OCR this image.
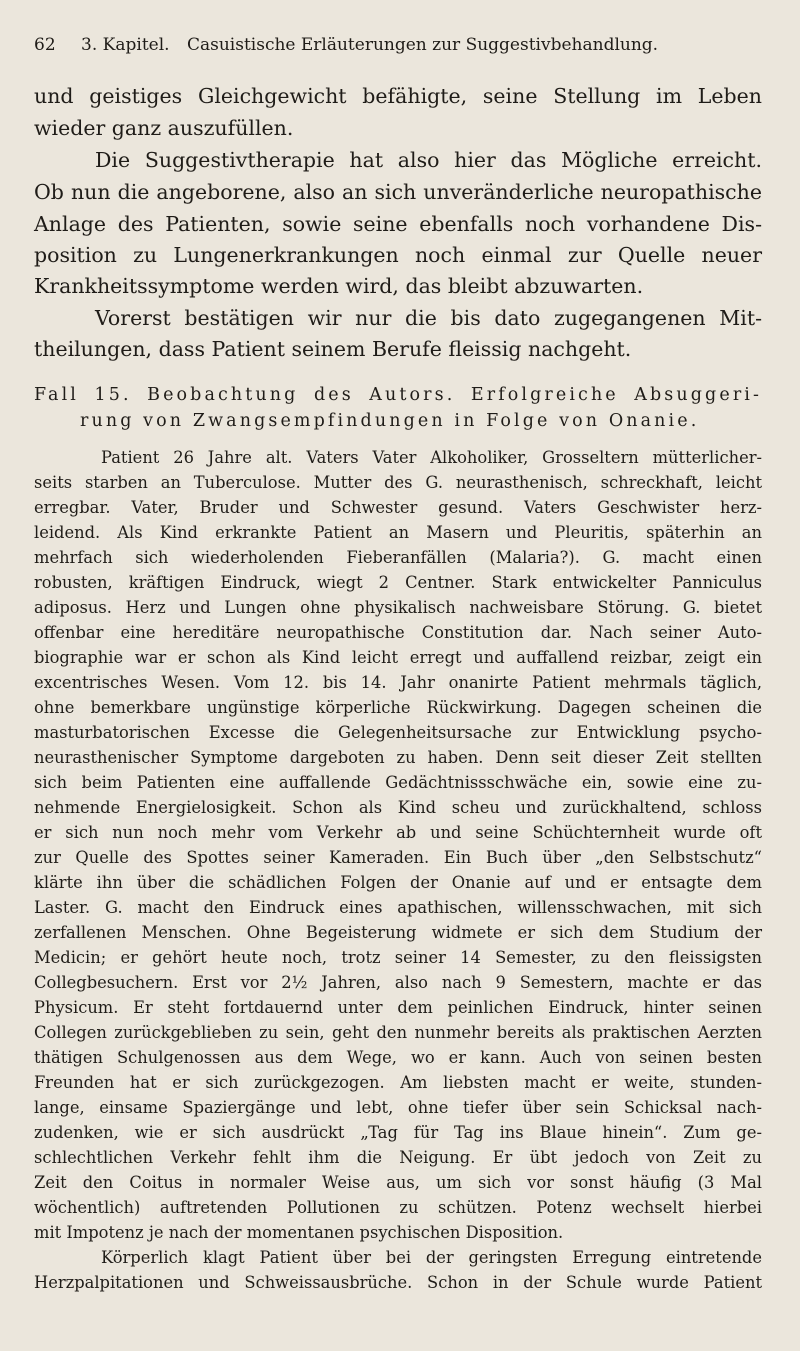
62 3. Kapitel. Casuistische Erläuterungen zur Suggestivbehandlung.
und geistiges Gleichgewicht befähigte, seine Stellung im Leben
wieder ganz auszufüllen.
Die Suggestivtherapie hat also hier das Mögliche erreicht.
Ob nun die angeborene, also an sich unveränderliche neuropathische
Anlage des Patienten, sowie seine ebenfalls noch vorhandene Dis-
position zu Lungenerkrankungen noch einmal zur Quelle neuer
Krankheitssymptome werden wird, das bleibt abzuwarten.
Vorerst bestätigen wir nur die bis dato zugegangenen Mit-
theilungen, dass Patient seinem Berufe fleissig nachgeht.
Fall 15. Beobachtung des Autors. Erfolgreiche Absuggeri-
rung von Zwangsempfindungen in Folge von Onanie.
Patient 26 Jahre alt. Vaters Vater Alkoholiker, Grosseltern mütterlicher-
seits starben an Tuberculose. Mutter des G. neurasthenisch, schreckhaft, leicht
erregbar. Vater, Bruder und Schwester gesund. Vaters Geschwister herz-
leidend. Als Kind erkrankte Patient an Masern und Pleuritis, späterhin an
mehrfach sich wiederholenden Fieberanfällen (Malaria?). G. macht einen
robusten, kräftigen Eindruck, wiegt 2 Centner. Stark entwickelter Panniculus
adiposus. Herz und Lungen ohne physikalisch nachweisbare Störung. G. bietet
offenbar eine hereditäre neuropathische Constitution dar. Nach seiner Auto-
biographie war er schon als Kind leicht erregt und auffallend reizbar, zeigt ein
excentrisches Wesen. Vom 12. bis 14. Jahr onanirte Patient mehrmals täglich,
ohne bemerkbare ungünstige körperliche Rückwirkung. Dagegen scheinen die
masturbatorischen Excesse die Gelegenheitsursache zur Entwicklung psycho-
neurasthenischer Symptome dargeboten zu haben. Denn seit dieser Zeit stellten
sich beim Patienten eine auffallende Gedächtnissschwäche ein, sowie eine zu-
nehmende Energielosigkeit. Schon als Kind scheu und zurückhaltend, schloss
er sich nun noch mehr vom Verkehr ab und seine Schüchternheit wurde oft
zur Quelle des Spottes seiner Kameraden. Ein Buch über „den Selbstschutz“
klärte ihn über die schädlichen Folgen der Onanie auf und er entsagte dem
Laster. G. macht den Eindruck eines apathischen, willensschwachen, mit sich
zerfallenen Menschen. Ohne Begeisterung widmete er sich dem Studium der
Medicin; er gehört heute noch, trotz seiner 14 Semester, zu den fleissigsten
Collegbesuchern. Erst vor 2½ Jahren, also nach 9 Semestern, machte er das
Physicum. Er steht fortdauernd unter dem peinlichen Eindruck, hinter seinen
Collegen zurückgeblieben zu sein, geht den nunmehr bereits als praktischen Aerzten
thätigen Schulgenossen aus dem Wege, wo er kann. Auch von seinen besten
Freunden hat er sich zurückgezogen. Am liebsten macht er weite, stunden-
lange, einsame Spaziergänge und lebt, ohne tiefer über sein Schicksal nach-
zudenken, wie er sich ausdrückt „Tag für Tag ins Blaue hinein“. Zum ge-
schlechtlichen Verkehr fehlt ihm die Neigung. Er übt jedoch von Zeit zu
Zeit den Coitus in normaler Weise aus, um sich vor sonst häufig (3 Mal
wöchentlich) auftretenden Pollutionen zu schützen. Potenz wechselt hierbei
mit Impotenz je nach der momentanen psychischen Disposition.
Körperlich klagt Patient über bei der geringsten Erregung eintretende
Herzpalpitationen und Schweissausbrüche. Schon in der Schule wurde Patient
